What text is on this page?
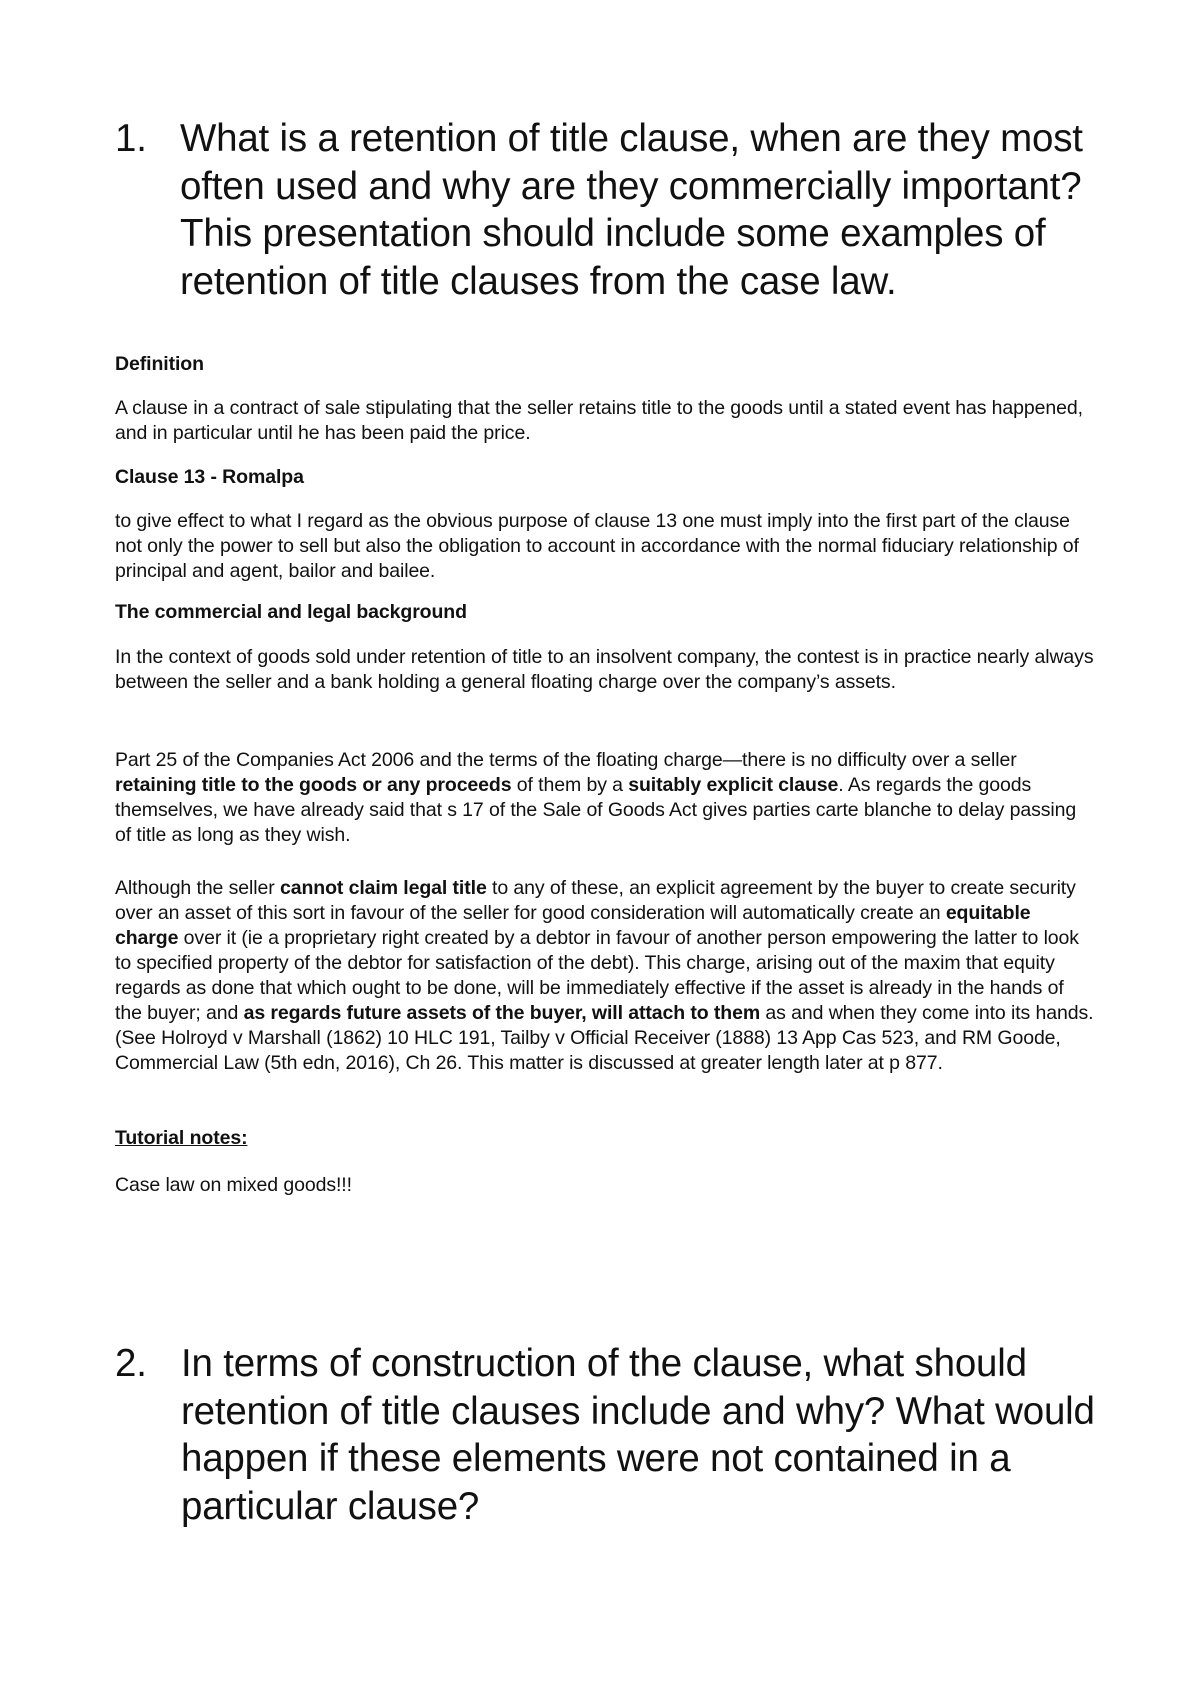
1. What is a retention of title clause, when are they most often used and why are they commercially important? This presentation should include some examples of retention of title clauses from the case law.

Definition

A clause in a contract of sale stipulating that the seller retains title to the goods until a stated event has happened, and in particular until he has been paid the price.

Clause 13 - Romalpa

to give effect to what I regard as the obvious purpose of clause 13 one must imply into the first part of the clause not only the power to sell but also the obligation to account in accordance with the normal fiduciary relationship of principal and agent, bailor and bailee.

The commercial and legal background

In the context of goods sold under retention of title to an insolvent company, the contest is in practice nearly always between the seller and a bank holding a general floating charge over the company’s assets.

Part 25 of the Companies Act 2006 and the terms of the floating charge—there is no difficulty over a seller retaining title to the goods or any proceeds of them by a suitably explicit clause. As regards the goods themselves, we have already said that s 17 of the Sale of Goods Act gives parties carte blanche to delay passing of title as long as they wish.

Although the seller cannot claim legal title to any of these, an explicit agreement by the buyer to create security over an asset of this sort in favour of the seller for good consideration will automatically create an equitable charge over it (ie a proprietary right created by a debtor in favour of another person empowering the latter to look to specified property of the debtor for satisfaction of the debt). This charge, arising out of the maxim that equity regards as done that which ought to be done, will be immediately effective if the asset is already in the hands of the buyer; and as regards future assets of the buyer, will attach to them as and when they come into its hands. (See Holroyd v Marshall (1862) 10 HLC 191, Tailby v Official Receiver (1888) 13 App Cas 523, and RM Goode, Commercial Law (5th edn, 2016), Ch 26. This matter is discussed at greater length later at p 877.

Tutorial notes:

Case law on mixed goods!!!

2. In terms of construction of the clause, what should retention of title clauses include and why? What would happen if these elements were not contained in a particular clause?
